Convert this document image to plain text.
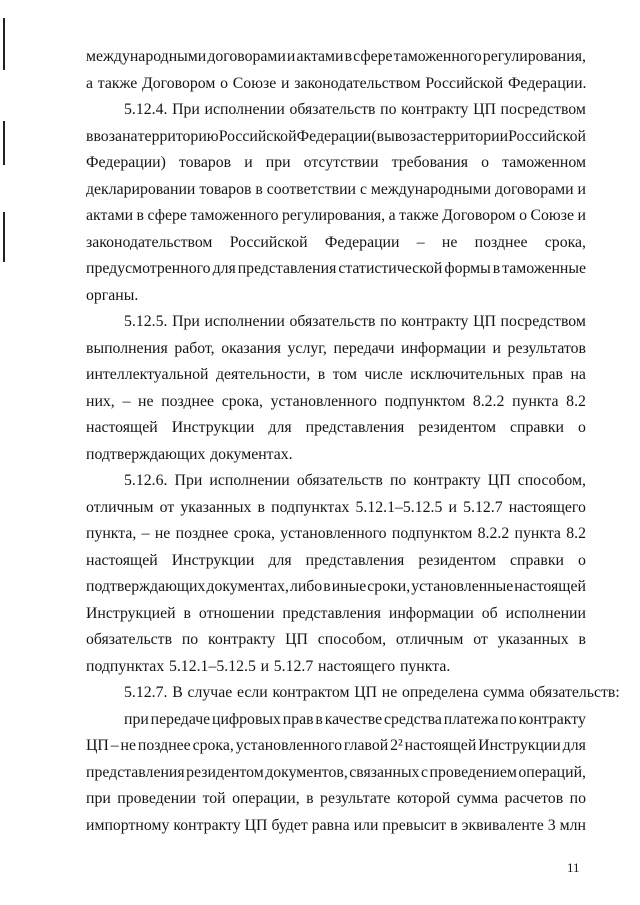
международными договорами и актами в сфере таможенного регулирования,
а также Договором о Союзе и законодательством Российской Федерации.
5.12.4. При исполнении обязательств по контракту ЦП посредством
ввоза на территорию Российской Федерации (вывоза с территории Российской
Федерации) товаров и при отсутствии требования о таможенном
декларировании товаров в соответствии с международными договорами и
актами в сфере таможенного регулирования, а также Договором о Союзе и
законодательством Российской Федерации – не позднее срока,
предусмотренного для представления статистической формы в таможенные
органы.
5.12.5. При исполнении обязательств по контракту ЦП посредством
выполнения работ, оказания услуг, передачи информации и результатов
интеллектуальной деятельности, в том числе исключительных прав на
них, – не позднее срока, установленного подпунктом 8.2.2 пункта 8.2
настоящей Инструкции для представления резидентом справки о
подтверждающих документах.
5.12.6. При исполнении обязательств по контракту ЦП способом,
отличным от указанных в подпунктах 5.12.1–5.12.5 и 5.12.7 настоящего
пункта, – не позднее срока, установленного подпунктом 8.2.2 пункта 8.2
настоящей Инструкции для представления резидентом справки о
подтверждающих документах, либо в иные сроки, установленные настоящей
Инструкцией в отношении представления информации об исполнении
обязательств по контракту ЦП способом, отличным от указанных в
подпунктах 5.12.1–5.12.5 и 5.12.7 настоящего пункта.
5.12.7. В случае если контрактом ЦП не определена сумма обязательств:
при передаче цифровых прав в качестве средства платежа по контракту
ЦП – не позднее срока, установленного главой 2² настоящей Инструкции для
представления резидентом документов, связанных с проведением операций,
при проведении той операции, в результате которой сумма расчетов по
импортному контракту ЦП будет равна или превысит в эквиваленте 3 млн
11
